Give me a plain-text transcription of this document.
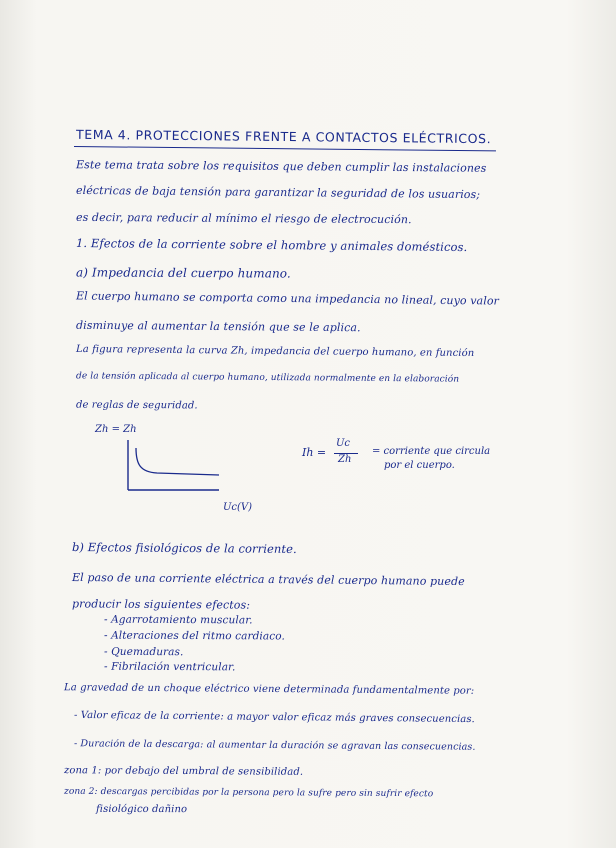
TEMA 4. PROTECCIONES FRENTE A CONTACTOS ELÉCTRICOS.
Este tema trata sobre los requisitos que deben cumplir las instalaciones
eléctricas de baja tensión para garantizar la seguridad de los usuarios;
es decir, para reducir al mínimo el riesgo de electrocución.
1. Efectos de la corriente sobre el hombre y animales domésticos.
a) Impedancia del cuerpo humano.
El cuerpo humano se comporta como una impedancia no lineal, cuyo valor
disminuye al aumentar la tensión que se le aplica.
La figura representa la curva Zh, impedancia del cuerpo humano, en función
de la tensión aplicada al cuerpo humano, utilizada normalmente en la elaboración
de reglas de seguridad.
Zh = Zh
Uc(V)
Ih =
Uc
Zh
= corriente que circula
por el cuerpo.
b) Efectos fisiológicos de la corriente.
El paso de una corriente eléctrica a través del cuerpo humano puede
producir los siguientes efectos:
- Agarrotamiento muscular.
- Alteraciones del ritmo cardiaco.
- Quemaduras.
- Fibrilación ventricular.
La gravedad de un choque eléctrico viene determinada fundamentalmente por:
- Valor eficaz de la corriente: a mayor valor eficaz más graves consecuencias.
- Duración de la descarga: al aumentar la duración se agravan las consecuencias.
zona 1: por debajo del umbral de sensibilidad.
zona 2: descargas percibidas por la persona pero la sufre pero sin sufrir efecto
fisiológico dañino
